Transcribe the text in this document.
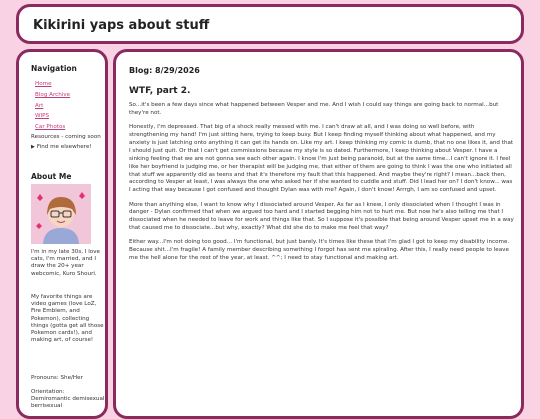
Kikirini yaps about stuff
Navigation
Home
Blog Archive
Art
WIPS
Car Photos
Resources - coming soon
▶ Find me elsewhere!
About Me

I'm in my late 30s, I love cats, I'm married, and I draw the 20+ year webcomic, Kuro Shouri.

My favorite things are video games (love LoZ, Fire Emblem, and Pokemon), collecting things (gotta get all those Pokemon cards!), and making art, of course!

Pronouns: She/Her

Orientation: Demiromantic demisexual berrisexual

Blog: 8/29/2026
WTF, part 2.

So...it's been a few days since what happened between Vesper and me. And I wish I could say things are going back to normal...but they're not.

Honestly, I'm depressed. That big of a shock really messed with me. I can't draw at all, and I was doing so well before, with strengthening my hand! I'm just sitting here, trying to keep busy. But I keep finding myself thinking about what happened, and my anxiety is just latching onto anything it can get its hands on. Like my art. I keep thinking my comic is dumb, that no one likes it, and that I should just quit. Or that I can't get commissions because my style is so dated. Furthermore, I keep thinking about Vesper. I have a sinking feeling that we are not gonna see each other again. I know I'm just being paranoid, but at the same time...I can't ignore it. I feel like her boyfriend is judging me, or her therapist will be judging me, that either of them are going to think I was the one who initiated all that stuff we apparently did as teens and that it's therefore my fault that this happened. And maybe they're right? I mean...back then, according to Vesper at least, I was always the one who asked her if she wanted to cuddle and stuff. Did I lead her on? I don't know... was I acting that way because I got confused and thought Dylan was with me? Again, I don't know! Arrrgh, I am so confused and upset.

More than anything else, I want to know why I dissociated around Vesper. As far as I knew, I only dissociated when I thought I was in danger - Dylan confirmed that when we argued too hard and I started begging him not to hurt me. But now he's also telling me that I dissociated when he needed to leave for work and things like that. So I suppose it's possible that being around Vesper upset me in a way that caused me to dissociate...but why, exactly? What did she do to make me feel that way?

Either way...I'm not doing too good... I'm functional, but just barely. It's times like these that I'm glad I got to keep my disability income. Because shit...I'm fragile! A family member describing something I forgot has sent me spiraling. After this, I really need people to leave me the hell alone for the rest of the year, at least. ^^; I need to stay functional and making art.
